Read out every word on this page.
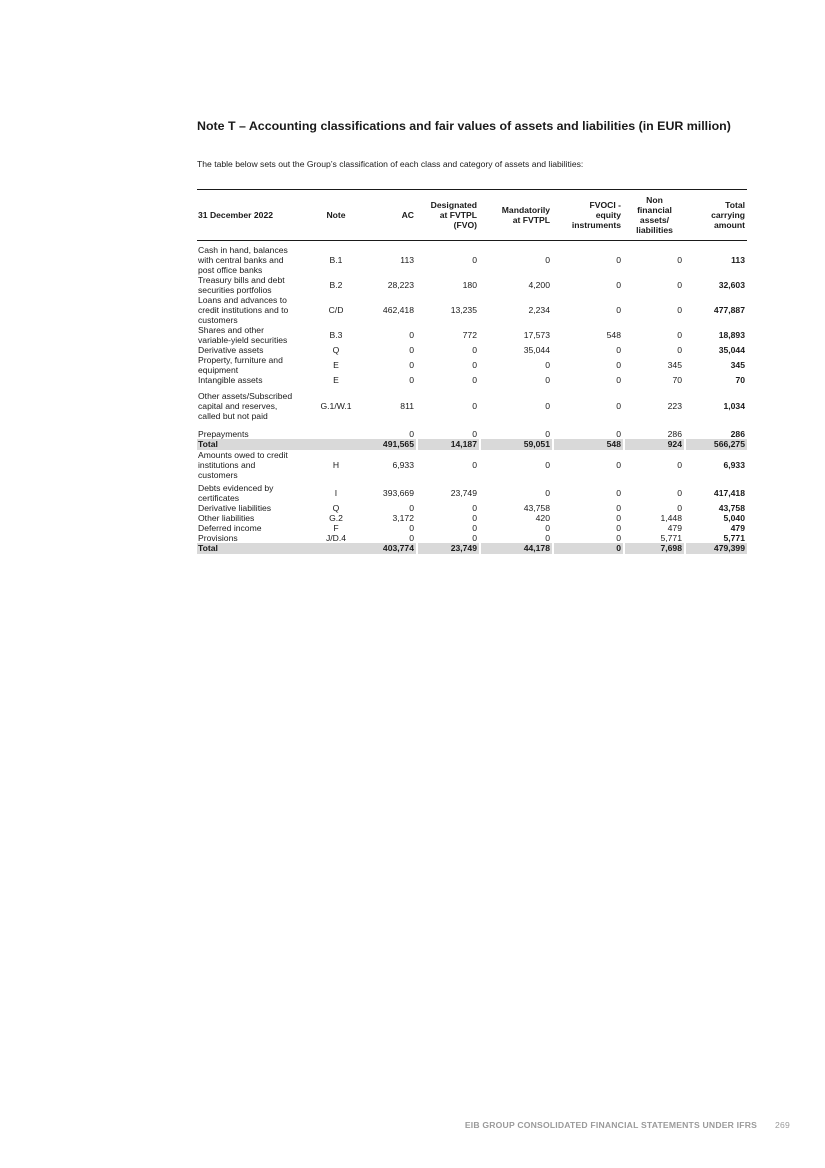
Note T – Accounting classifications and fair values of assets and liabilities (in EUR million)
The table below sets out the Group’s classification of each class and category of assets and liabilities:
31 December 2022	Note	AC		Designated
at FVTPL
(FVO)		Mandatorily
at FVTPL		FVOCI -
equity
instruments		Non
financial
assets/
liabilities		Total
carrying
amount

Cash in hand, balances
with central banks and
post office banks	B.1	113		0		0		0		0		113
Treasury bills and debt
securities portfolios	B.2	28,223		180		4,200		0		0		32,603
Loans and advances to
credit institutions and to
customers	C/D	462,418		13,235		2,234		0		0		477,887
Shares and other
variable-yield securities	B.3	0		772		17,573		548		0		18,893
Derivative assets	Q	0		0		35,044		0		0		35,044
Property, furniture and
equipment	E	0		0		0		0		345		345
Intangible assets	E	0		0		0		0		70		70

Other assets/Subscribed
capital and reserves,
called but not paid	G.1/W.1	811		0		0		0		223		1,034

Prepayments		0		0		0		0		286		286
Total		491,565		14,187		59,051		548		924		566,275
Amounts owed to credit
institutions and
customers	H	6,933		0		0		0		0		6,933

Debts evidenced by
certificates	I	393,669		23,749		0		0		0		417,418
Derivative liabilities	Q	0		0		43,758		0		0		43,758
Other liabilities	G.2	3,172		0		420		0		1,448		5,040
Deferred income	F	0		0		0		0		479		479
Provisions	J/D.4	0		0		0		0		5,771		5,771
Total		403,774		23,749		44,178		0		7,698		479,399
EIB GROUP CONSOLIDATED FINANCIAL STATEMENTS UNDER IFRS 269
